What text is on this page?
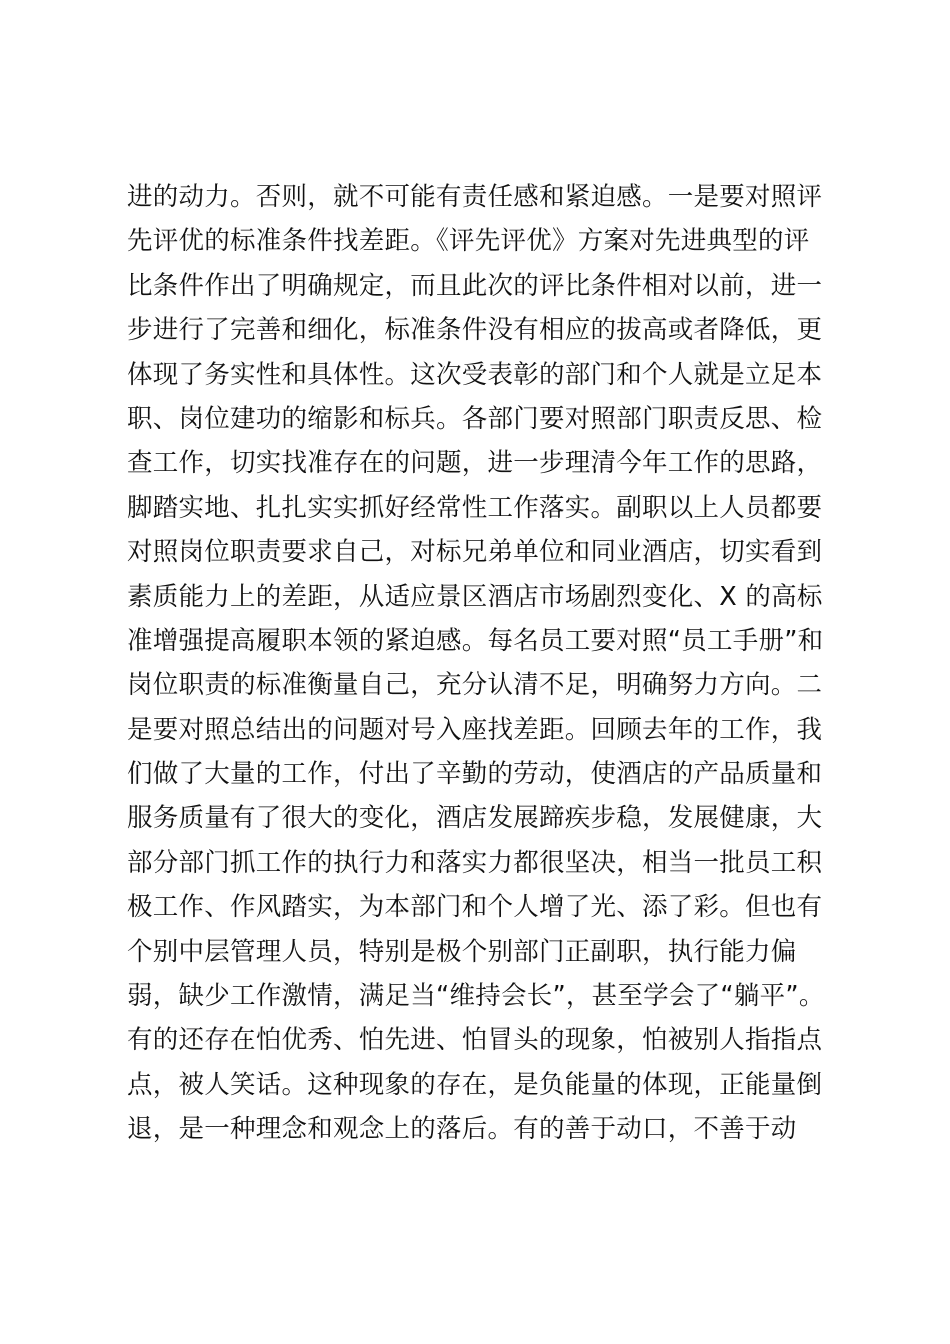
进的动力。否则，就不可能有责任感和紧迫感。一是要对照评
先评优的标准条件找差距。《评先评优》方案对先进典型的评
比条件作出了明确规定，而且此次的评比条件相对以前，进一
步进行了完善和细化，标准条件没有相应的拔高或者降低，更
体现了务实性和具体性。这次受表彰的部门和个人就是立足本
职、岗位建功的缩影和标兵。各部门要对照部门职责反思、检
查工作，切实找准存在的问题，进一步理清今年工作的思路，
脚踏实地、扎扎实实抓好经常性工作落实。副职以上人员都要
对照岗位职责要求自己，对标兄弟单位和同业酒店，切实看到
素质能力上的差距，从适应景区酒店市场剧烈变化、X 的高标
准增强提高履职本领的紧迫感。每名员工要对照“员工手册”和
岗位职责的标准衡量自己，充分认清不足，明确努力方向。二
是要对照总结出的问题对号入座找差距。回顾去年的工作，我
们做了大量的工作，付出了辛勤的劳动，使酒店的产品质量和
服务质量有了很大的变化，酒店发展蹄疾步稳，发展健康，大
部分部门抓工作的执行力和落实力都很坚决，相当一批员工积
极工作、作风踏实，为本部门和个人增了光、添了彩。但也有
个别中层管理人员，特别是极个别部门正副职，执行能力偏
弱，缺少工作激情，满足当“维持会长”，甚至学会了“躺平”。
有的还存在怕优秀、怕先进、怕冒头的现象，怕被别人指指点
点，被人笑话。这种现象的存在，是负能量的体现，正能量倒
退，是一种理念和观念上的落后。有的善于动口，不善于动
